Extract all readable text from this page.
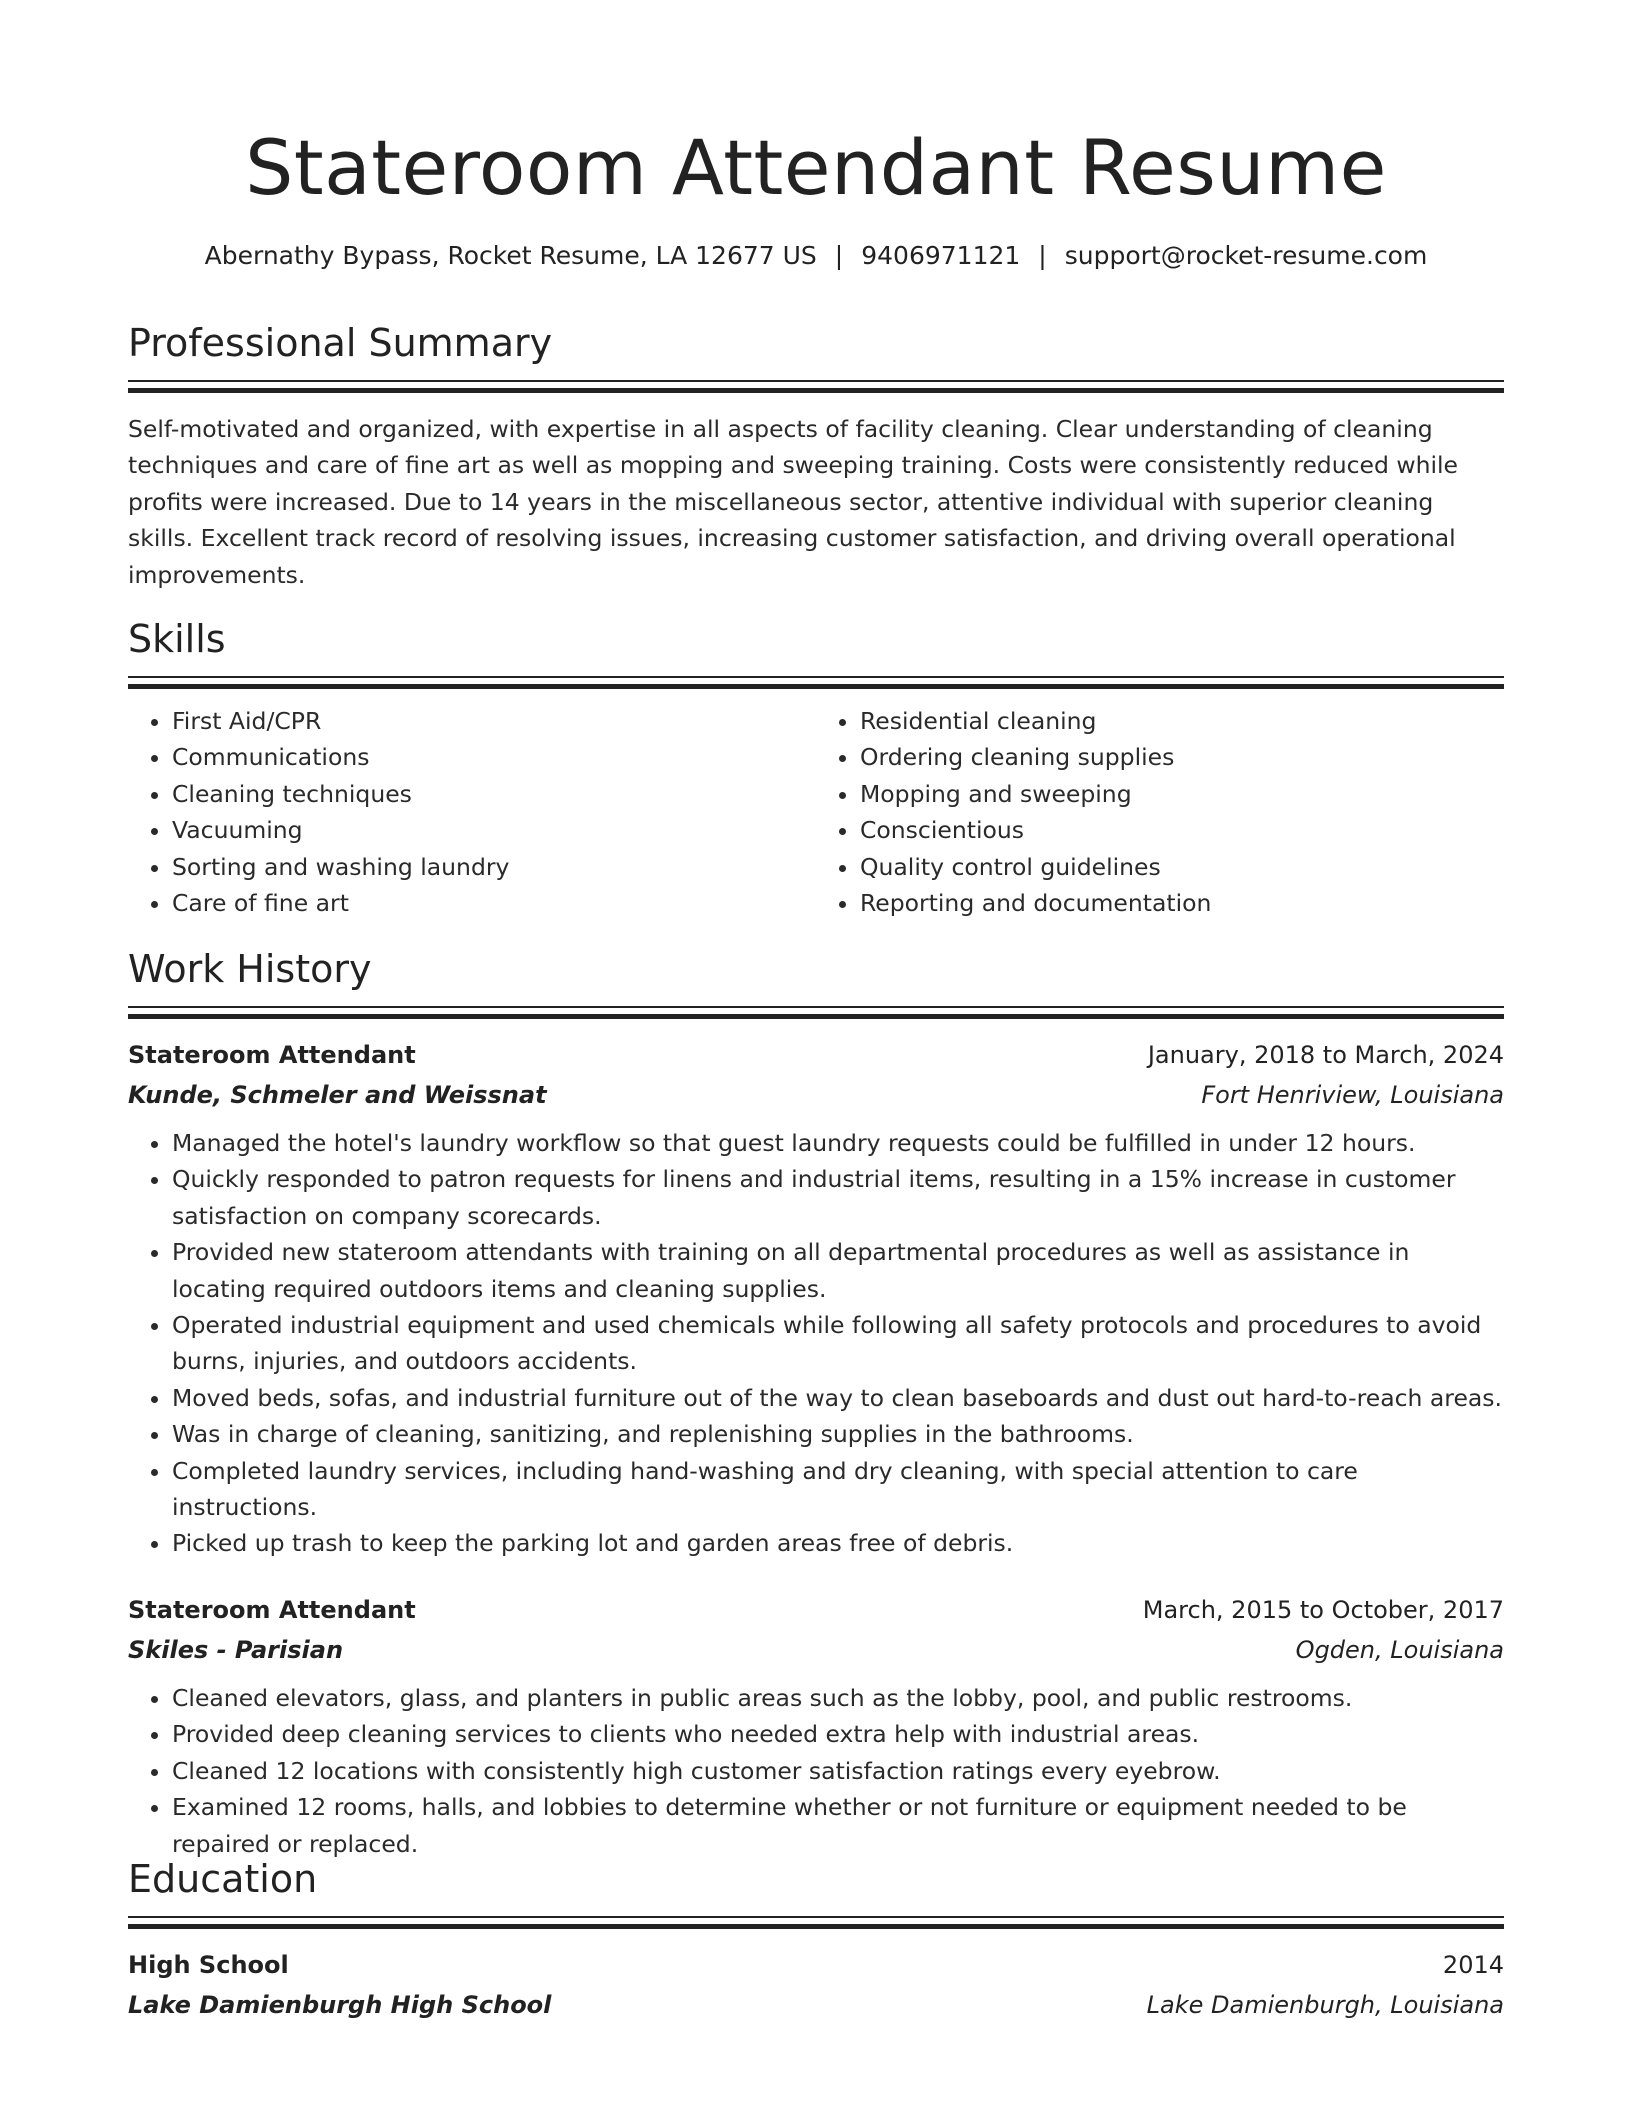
Stateroom Attendant Resume
Abernathy Bypass, Rocket Resume, LA 12677 US | 9406971121 | support@rocket-resume.com
Professional Summary

Self-motivated and organized, with expertise in all aspects of facility cleaning. Clear understanding of cleaning techniques and care of fine art as well as mopping and sweeping training. Costs were consistently reduced while profits were increased. Due to 14 years in the miscellaneous sector, attentive individual with superior cleaning skills. Excellent track record of resolving issues, increasing customer satisfaction, and driving overall operational improvements.

Skills
• First Aid/CPR
• Communications
• Cleaning techniques
• Vacuuming
• Sorting and washing laundry
• Care of fine art
• Residential cleaning
• Ordering cleaning supplies
• Mopping and sweeping
• Conscientious
• Quality control guidelines
• Reporting and documentation
Work History
Stateroom Attendant	January, 2018 to March, 2024
Kunde, Schmeler and Weissnat	Fort Henriview, Louisiana
• Managed the hotel's laundry workflow so that guest laundry requests could be fulfilled in under 12 hours.
• Quickly responded to patron requests for linens and industrial items, resulting in a 15% increase in customer satisfaction on company scorecards.
• Provided new stateroom attendants with training on all departmental procedures as well as assistance in locating required outdoors items and cleaning supplies.
• Operated industrial equipment and used chemicals while following all safety protocols and procedures to avoid burns, injuries, and outdoors accidents.
• Moved beds, sofas, and industrial furniture out of the way to clean baseboards and dust out hard-to-reach areas.
• Was in charge of cleaning, sanitizing, and replenishing supplies in the bathrooms.
• Completed laundry services, including hand-washing and dry cleaning, with special attention to care instructions.
• Picked up trash to keep the parking lot and garden areas free of debris.
Stateroom Attendant	March, 2015 to October, 2017
Skiles - Parisian	Ogden, Louisiana
• Cleaned elevators, glass, and planters in public areas such as the lobby, pool, and public restrooms.
• Provided deep cleaning services to clients who needed extra help with industrial areas.
• Cleaned 12 locations with consistently high customer satisfaction ratings every eyebrow.
• Examined 12 rooms, halls, and lobbies to determine whether or not furniture or equipment needed to be repaired or replaced.
Education
High School	2014
Lake Damienburgh High School	Lake Damienburgh, Louisiana
